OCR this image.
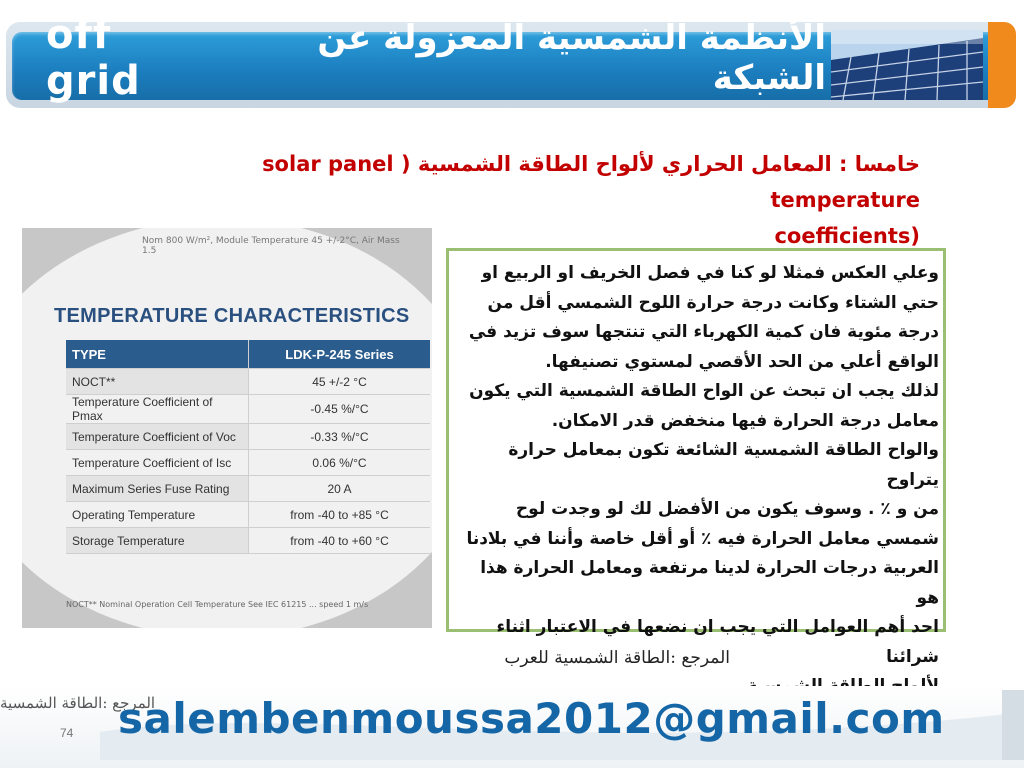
off grid
الأنظمة الشمسية المعزولة عن الشبكة
خامسا : المعامل الحراري لألواح الطاقة الشمسية ( solar panel temperature
coefficients)
Nom 800 W/m², Module Temperature 45 +/-2°C, Air Mass 1.5
TEMPERATURE CHARACTERISTICS
TYPE	LDK-P-245 Series
NOCT**	45 +/-2 °C
Temperature Coefficient of Pmax	-0.45 %/°C
Temperature Coefficient of Voc	-0.33 %/°C
Temperature Coefficient of Isc	0.06 %/°C
Maximum Series Fuse Rating	20 A
Operating Temperature	from -40 to +85 °C
Storage Temperature	from -40 to +60 °C
NOCT** Nominal Operation Cell Temperature See IEC 61215 ... speed 1 m/s
وعلي العكس فمثلا لو كنا في فصل الخريف او الربيع او
حتي الشتاء وكانت درجة حرارة اللوح الشمسي أقل من
درجة مئوية فان كمية الكهرباء التي تنتجها سوف تزيد في
الواقع أعلي من الحد الأقصي لمستوي تصنيفها.
لذلك يجب ان تبحث عن الواح الطاقة الشمسية التي يكون
معامل درجة الحرارة فيها منخفض قدر الامكان.
والواح الطاقة الشمسية الشائعة تكون بمعامل حرارة يتراوح
من و ٪ . وسوف يكون من الأفضل لك لو وجدت لوح
شمسي معامل الحرارة فيه ٪ أو أقل خاصة وأننا في بلادنا
العربية درجات الحرارة لدينا مرتفعة ومعامل الحرارة هذا هو
احد أهم العوامل التي يجب ان نضعها في الاعتبار اثناء شرائنا
المرجع :الطاقة الشمسية للعرب
المرجع :الطاقة الشمسية
74 salembenmoussa2012@gmail.com
